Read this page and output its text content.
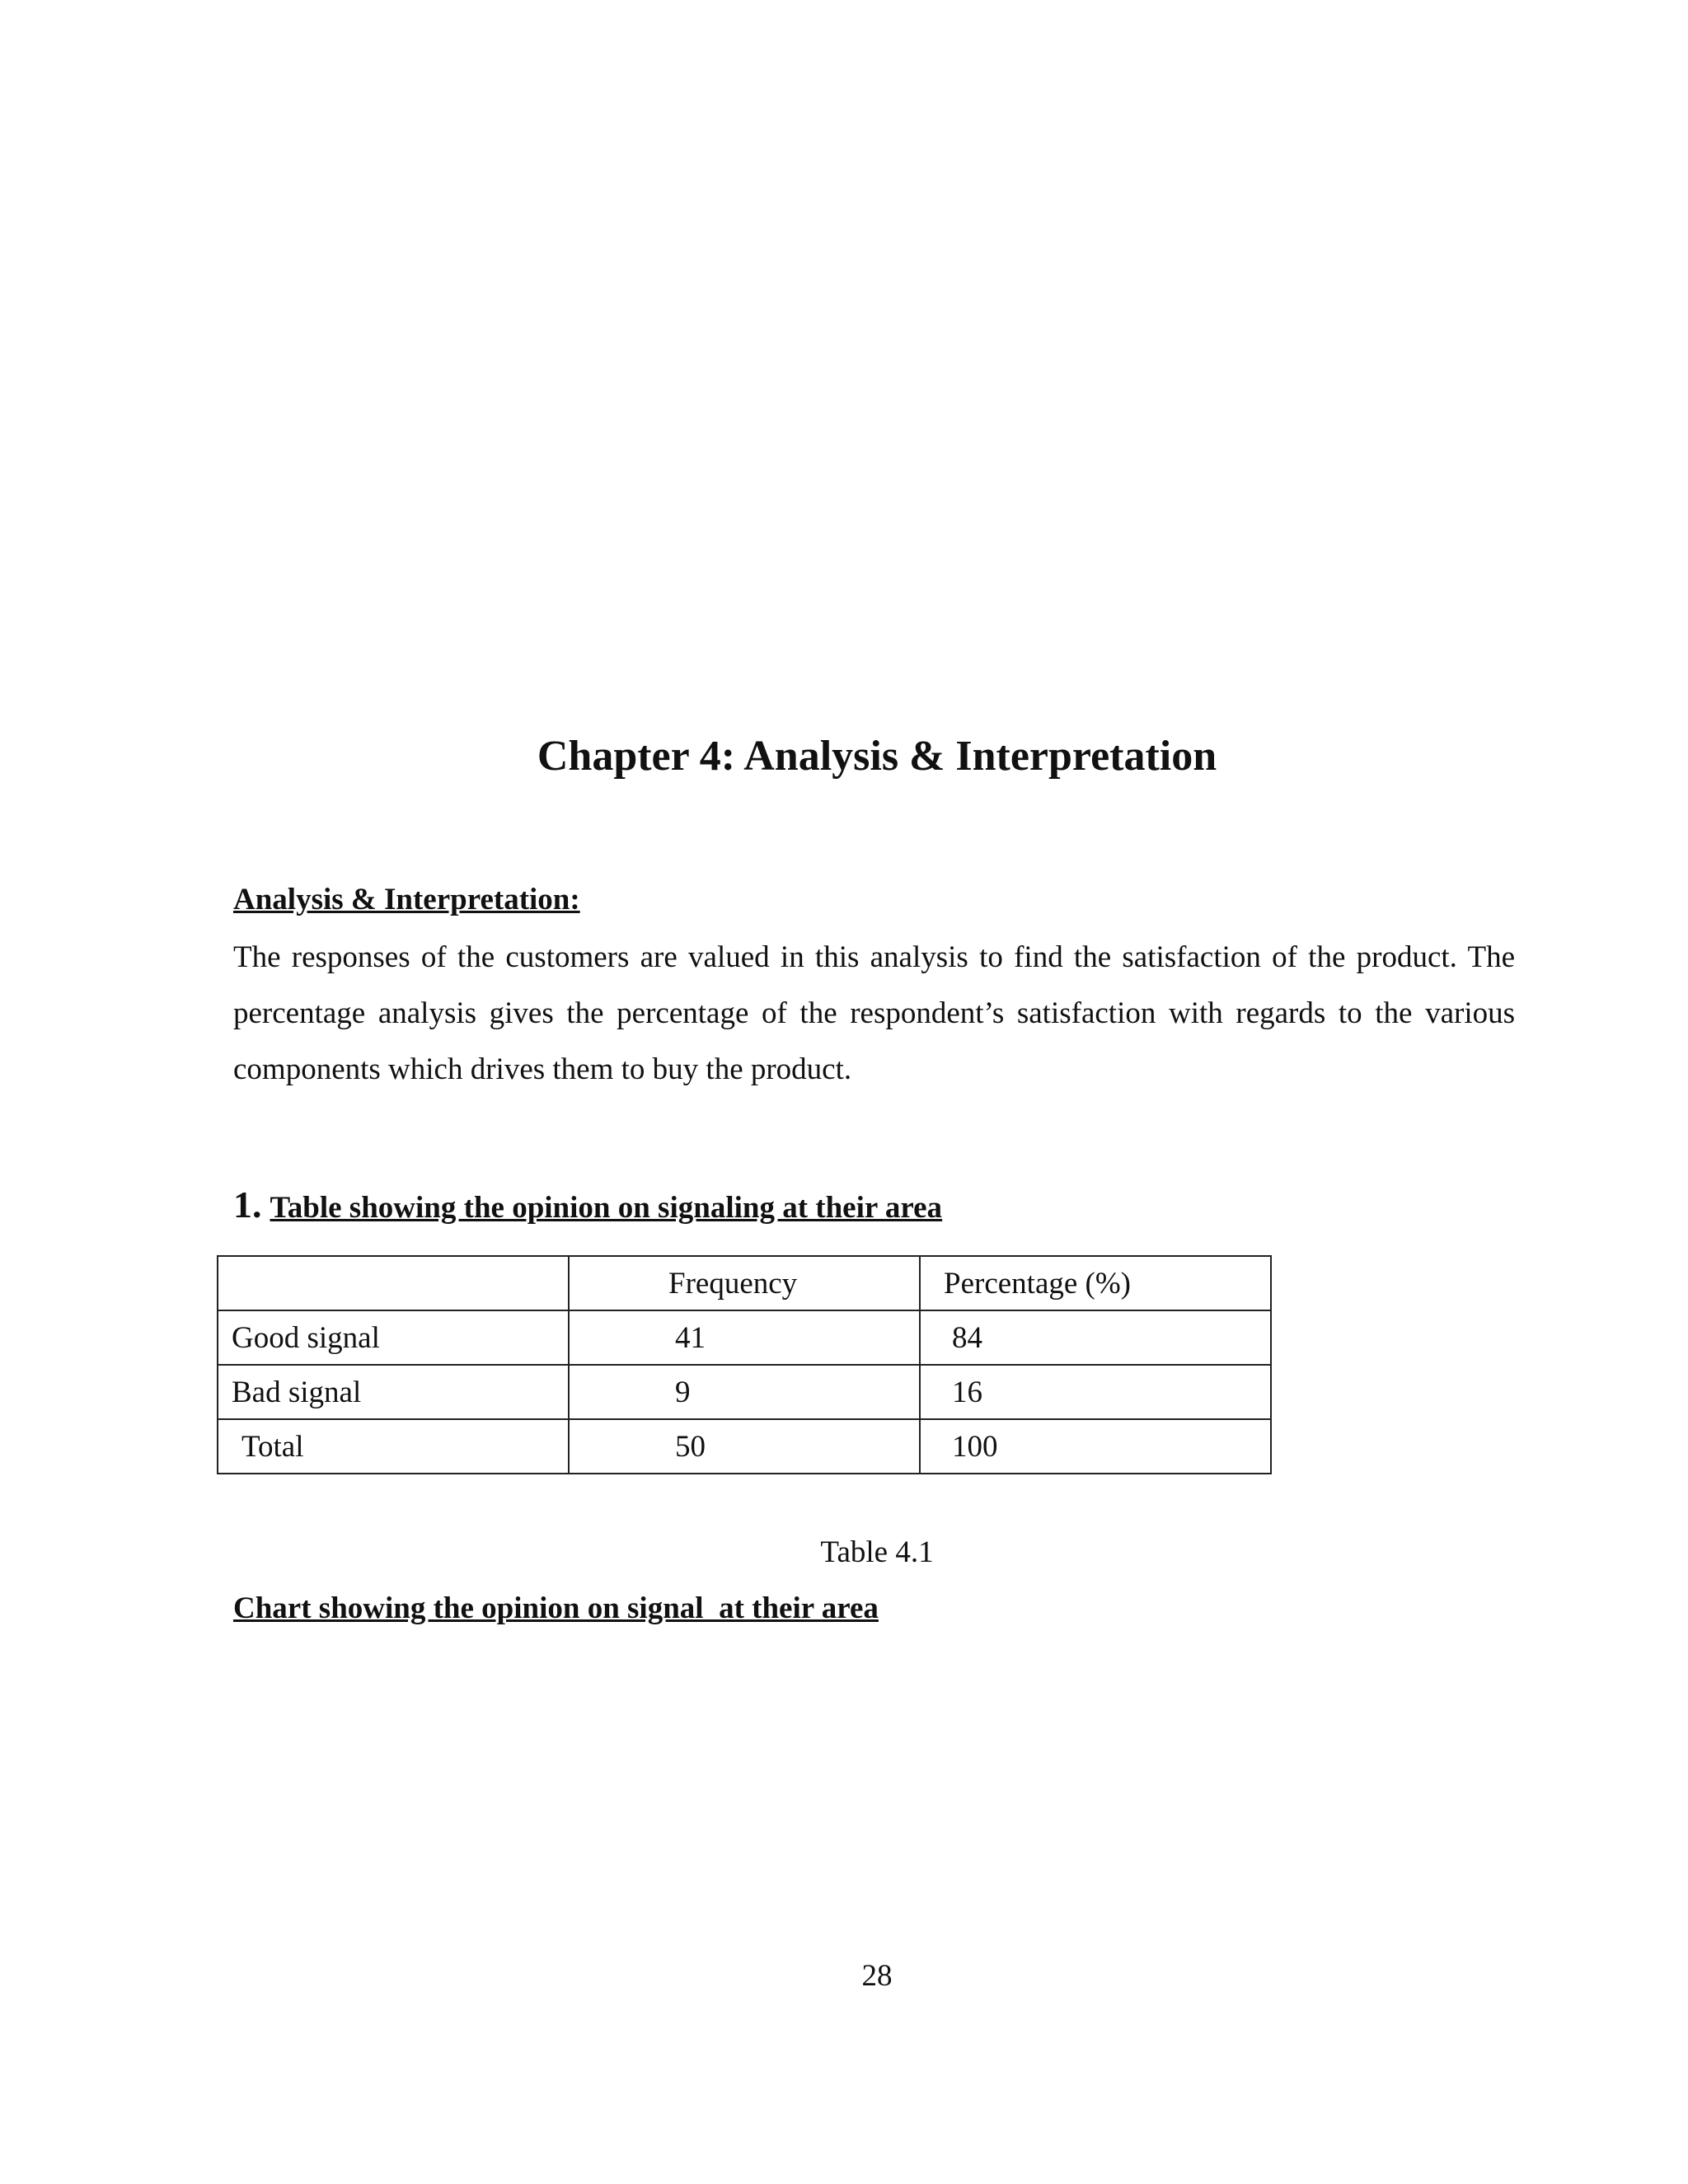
Chapter 4: Analysis & Interpretation
Analysis & Interpretation:

The responses of the customers are valued in this analysis to find the satisfaction of the product. The percentage analysis gives the percentage of the respondent’s satisfaction with regards to the various components which drives them to buy the product.

1. Table showing the opinion on signaling at their area
	Frequency	Percentage (%)
Good signal	41	84
Bad signal	9	16
Total	50	100
Table 4.1
Chart showing the opinion on signal  at their area
28
